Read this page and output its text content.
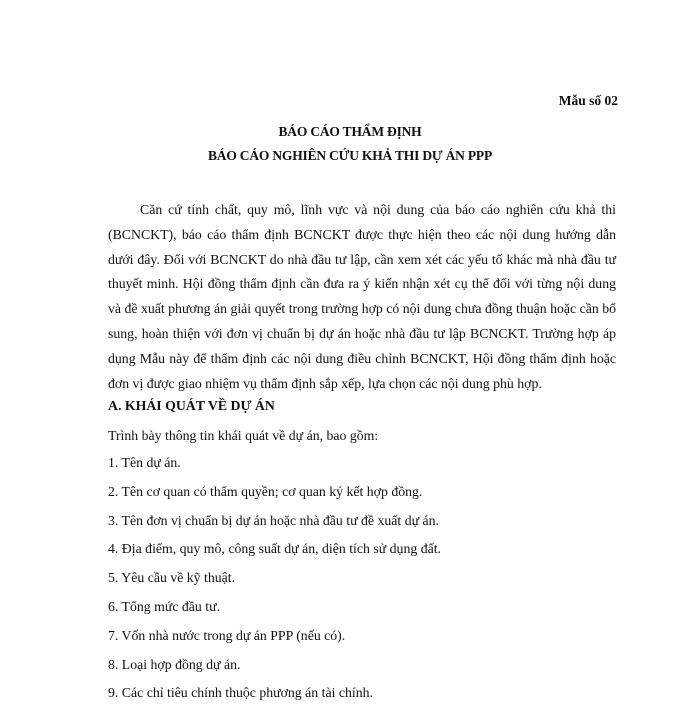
Mẫu số 02
BÁO CÁO THẨM ĐỊNH
BÁO CÁO NGHIÊN CỨU KHẢ THI DỰ ÁN PPP

Căn cứ tính chất, quy mô, lĩnh vực và nội dung của báo cáo nghiên cứu khả thi (BCNCKT), báo cáo thẩm định BCNCKT được thực hiện theo các nội dung hướng dẫn dưới đây. Đối với BCNCKT do nhà đầu tư lập, cần xem xét các yếu tố khác mà nhà đầu tư thuyết minh. Hội đồng thẩm định cần đưa ra ý kiến nhận xét cụ thể đối với từng nội dung và đề xuất phương án giải quyết trong trường hợp có nội dung chưa đồng thuận hoặc cần bổ sung, hoàn thiện với đơn vị chuẩn bị dự án hoặc nhà đầu tư lập BCNCKT. Trường hợp áp dụng Mẫu này để thẩm định các nội dung điều chỉnh BCNCKT, Hội đồng thẩm định hoặc đơn vị được giao nhiệm vụ thẩm định sắp xếp, lựa chọn các nội dung phù hợp.

A. KHÁI QUÁT VỀ DỰ ÁN
Trình bày thông tin khái quát về dự án, bao gồm:
1. Tên dự án.
2. Tên cơ quan có thẩm quyền; cơ quan ký kết hợp đồng.
3. Tên đơn vị chuẩn bị dự án hoặc nhà đầu tư đề xuất dự án.
4. Địa điểm, quy mô, công suất dự án, diện tích sử dụng đất.
5. Yêu cầu về kỹ thuật.
6. Tổng mức đầu tư.
7. Vốn nhà nước trong dự án PPP (nếu có).
8. Loại hợp đồng dự án.
9. Các chỉ tiêu chính thuộc phương án tài chính.
